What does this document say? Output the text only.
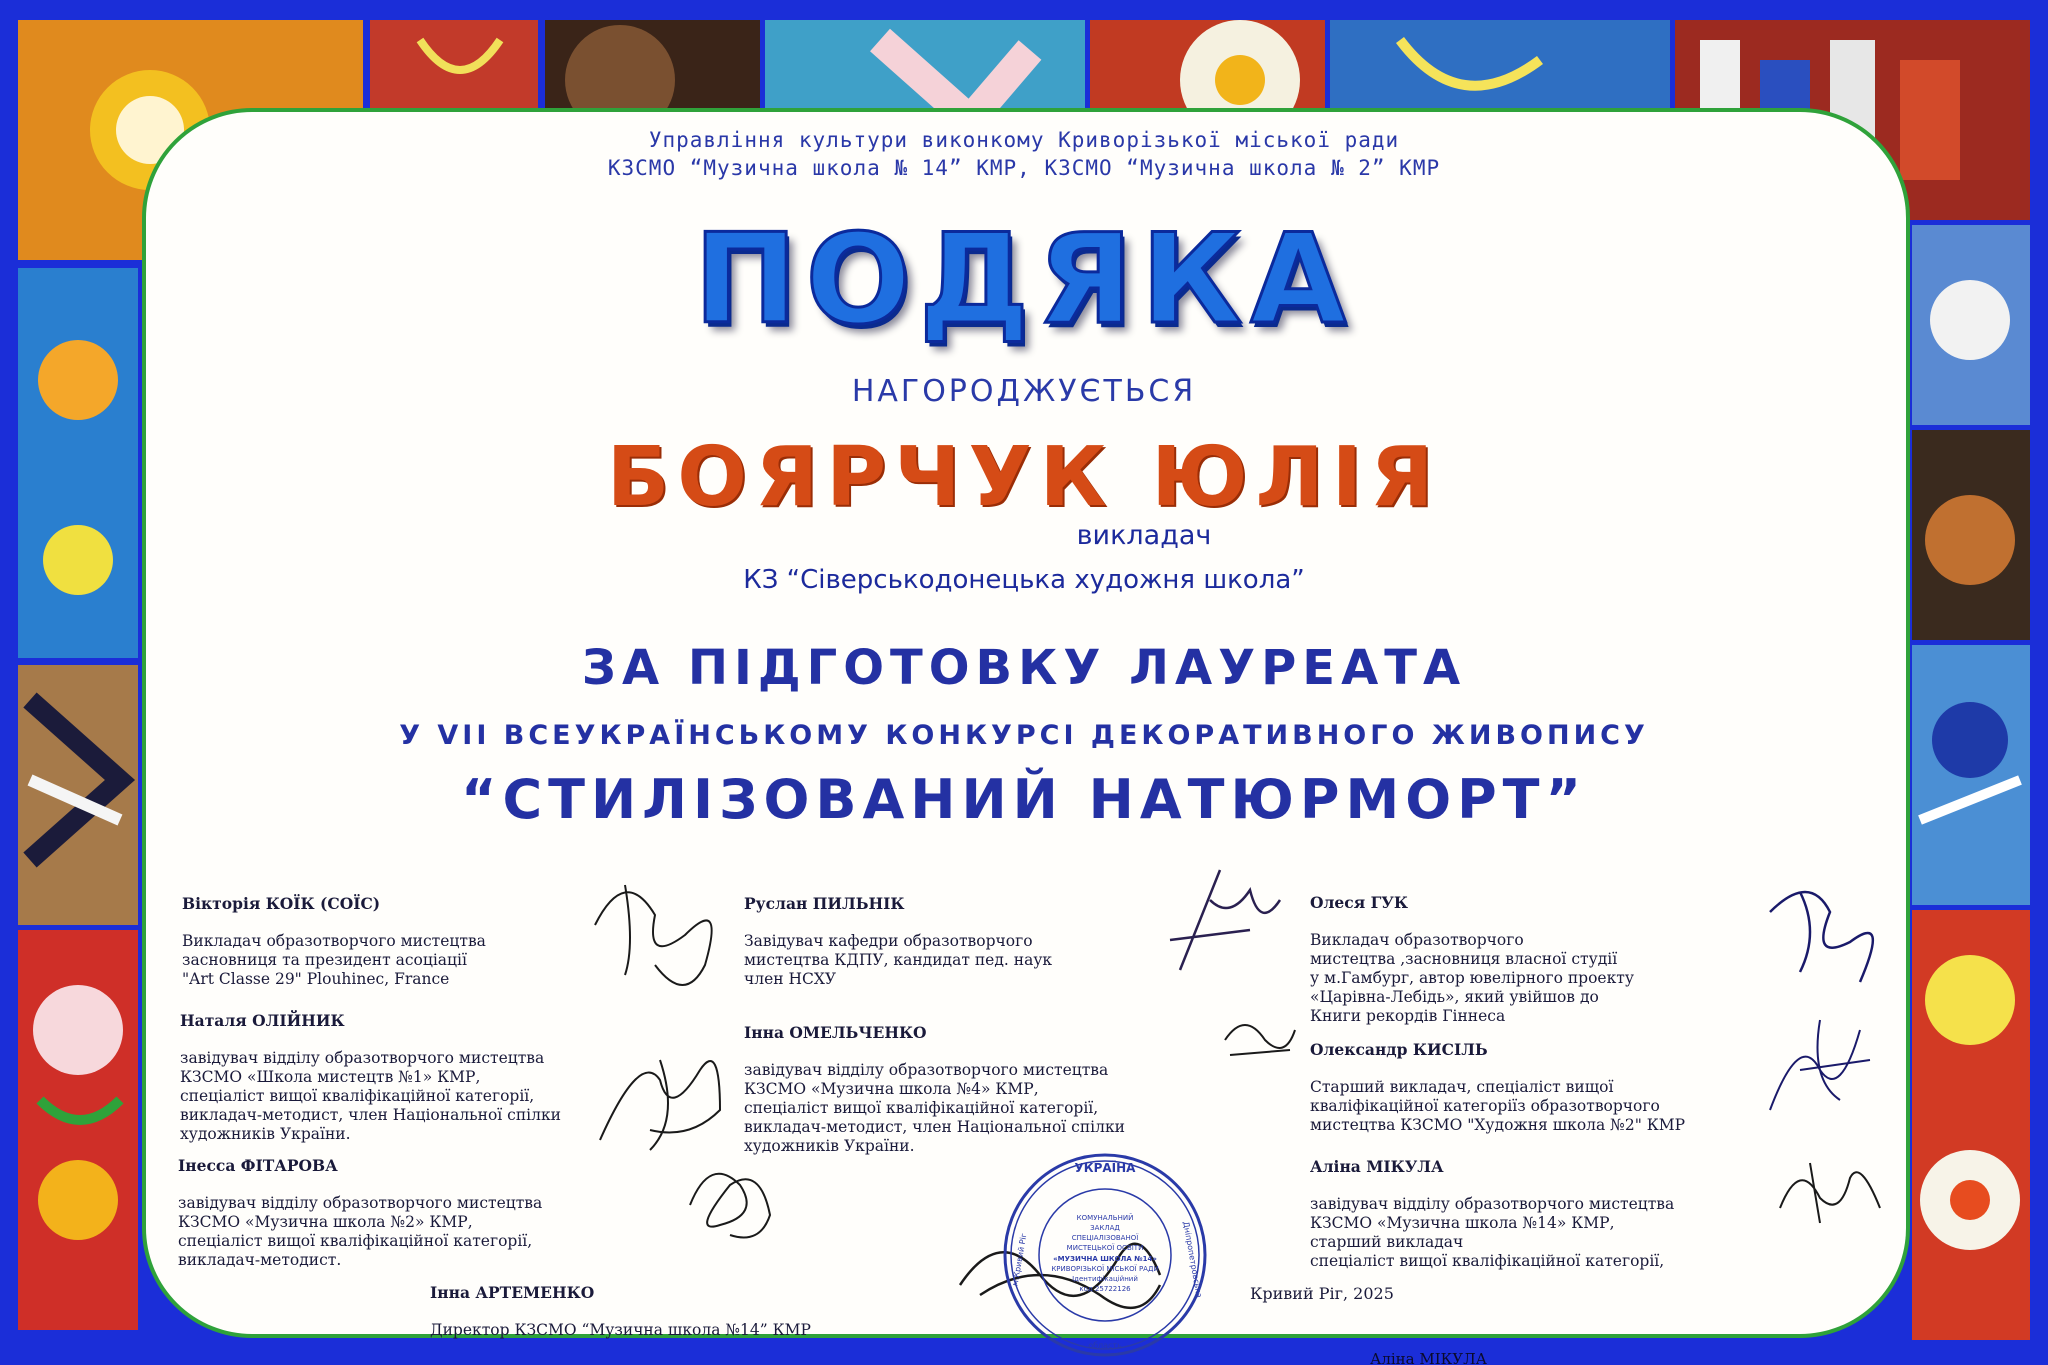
Управління культури виконкому Криворізької міської ради
КЗСМО “Музична школа № 14” КМР, КЗСМО “Музична школа № 2” КМР
ПОДЯКА
НАГОРОДЖУЄТЬСЯ
БОЯРЧУК ЮЛІЯ
викладач
КЗ “Сіверськодонецька художня школа”
ЗА ПІДГОТОВКУ ЛАУРЕАТА
У VII ВСЕУКРАЇНСЬКОМУ КОНКУРСІ ДЕКОРАТИВНОГО ЖИВОПИСУ
“СТИЛІЗОВАНИЙ НАТЮРМОРТ”

Вікторія КОЇК (СОЇС)

Викладач образотворчого мистецтва
засновниця та президент асоціації
"Art Classe 29" Plouhinec, France

Наталя ОЛІЙНИК

завідувач відділу образотворчого мистецтва
КЗСМО «Школа мистецтв №1» КМР,
спеціаліст вищої кваліфікаційної категорії,
викладач-методист, член Національної спілки
художників України.

Інесса ФІТАРОВА

завідувач відділу образотворчого мистецтва
КЗСМО «Музична школа №2» КМР,
спеціаліст вищої кваліфікаційної категорії,
викладач-методист.

Руслан ПИЛЬНІК

Завідувач кафедри образотворчого
мистецтва КДПУ, кандидат пед. наук
член НСХУ

Інна ОМЕЛЬЧЕНКО

завідувач відділу образотворчого мистецтва
КЗСМО «Музична школа №4» КМР,
спеціаліст вищої кваліфікаційної категорії,
викладач-методист, член Національної спілки
художників України.

Олеся ГУК

Викладач образотворчого
мистецтва ,засновниця власної студії
у м.Гамбург, автор ювелірного проекту
«Царівна-Лебідь», який увійшов до
Книги рекордів Гіннеса

Олександр КИСІЛЬ

Старший викладач, спеціаліст вищої
кваліфікаційної категоріїз образотворчого
мистецтва КЗСМО "Художня школа №2" КМР

Аліна МІКУЛА

завідувач відділу образотворчого мистецтва
КЗСМО «Музична школа №14» КМР,
старший викладач
спеціаліст вищої кваліфікаційної категорії,

Інна АРТЕМЕНКО

Директор КЗСМО “Музична школа №14” КМР

УКРАЇНА
м.Кривий Ріг	Дніпропетровська
область
КОМУНАЛЬНИЙ
ЗАКЛАД
СПЕЦІАЛІЗОВАНОЇ
МИСТЕЦЬКОЇ ОСВІТИ
«МУЗИЧНА ШКОЛА №14»
КРИВОРІЗЬКОЇ МІСЬКОЇ РАДИ
Ідентифікаційний
код 25722126	Кривий Ріг, 2025
Аліна МІКУЛА
